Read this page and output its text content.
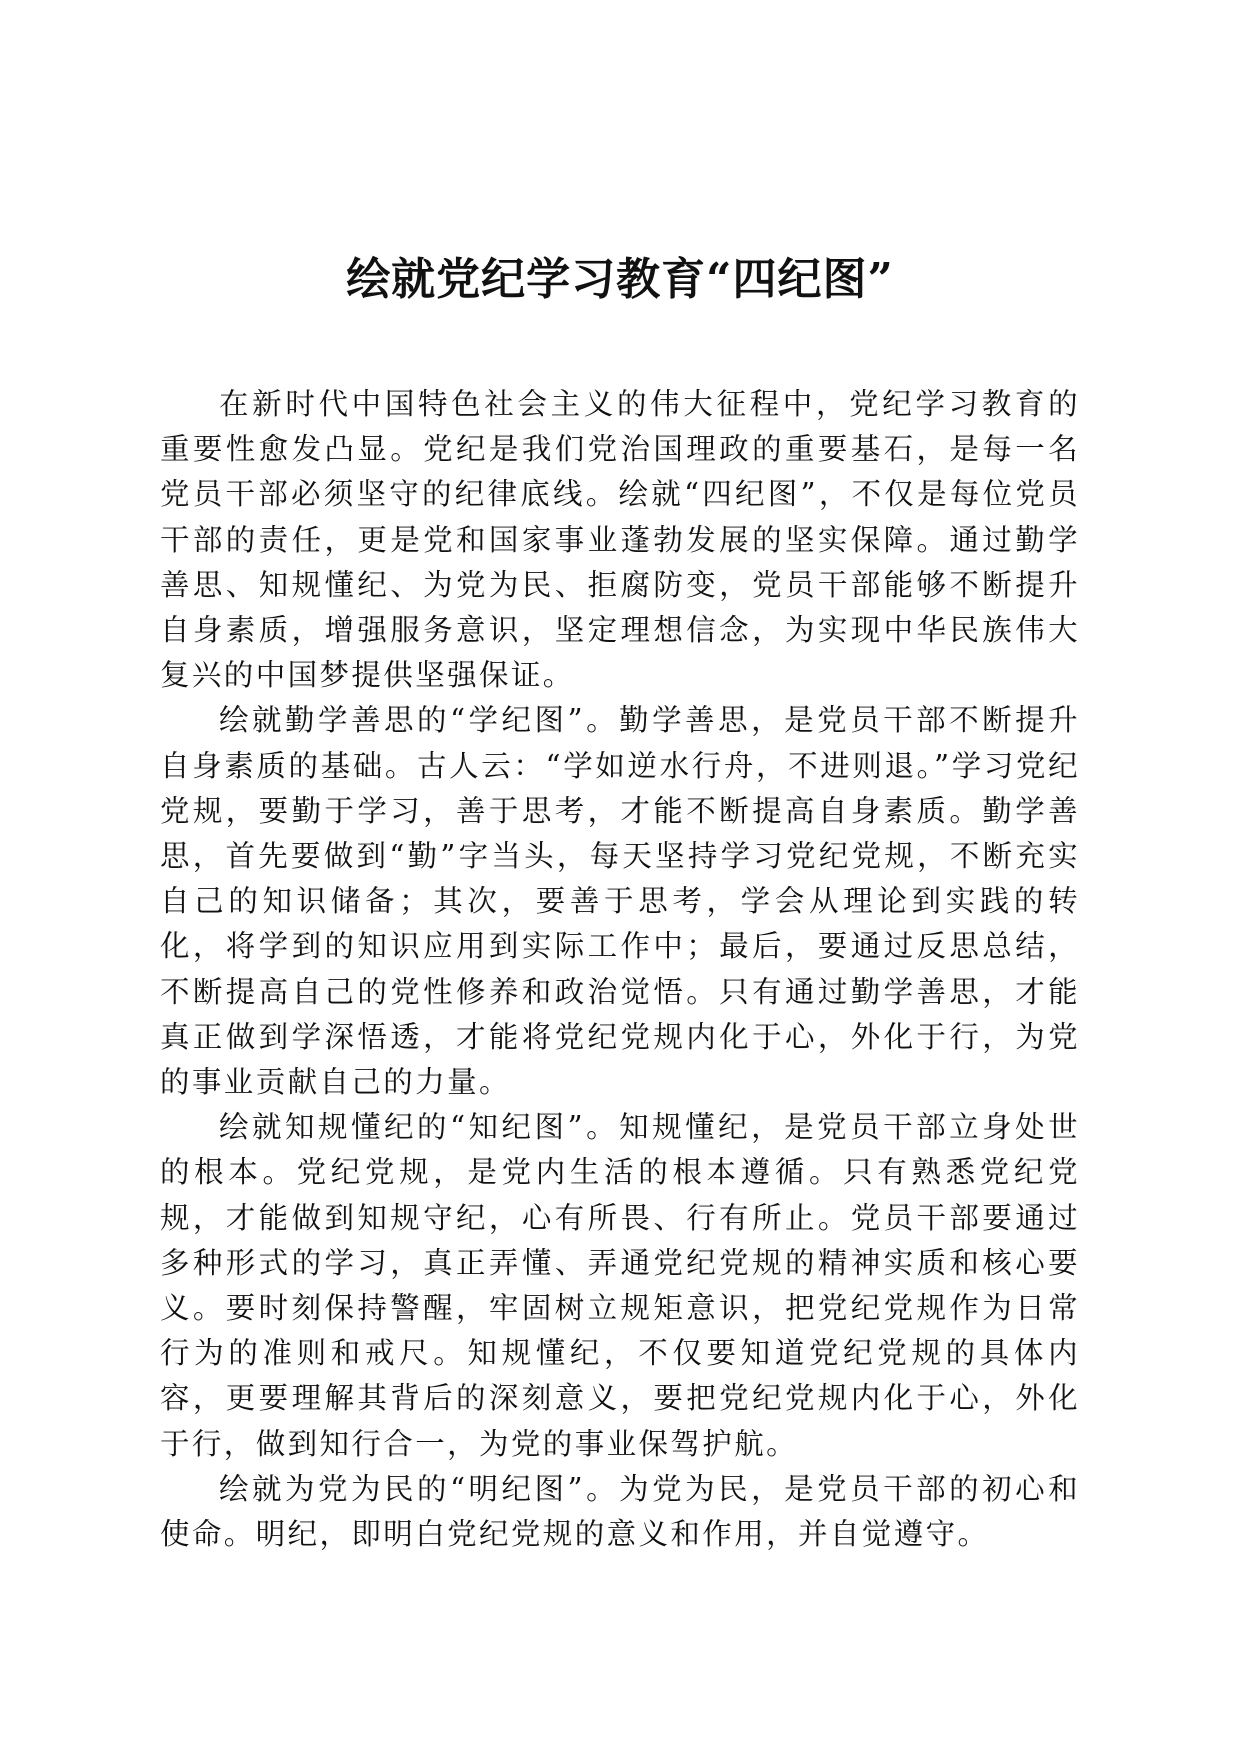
绘就党纪学习教育“四纪图”

在新时代中国特色社会主义的伟大征程中，党纪学习教育的重要性愈发凸显。党纪是我们党治国理政的重要基石，是每一名党员干部必须坚守的纪律底线。绘就“四纪图”，不仅是每位党员干部的责任，更是党和国家事业蓬勃发展的坚实保障。通过勤学善思、知规懂纪、为党为民、拒腐防变，党员干部能够不断提升自身素质，增强服务意识，坚定理想信念，为实现中华民族伟大复兴的中国梦提供坚强保证。

绘就勤学善思的“学纪图”。勤学善思，是党员干部不断提升自身素质的基础。古人云：“学如逆水行舟，不进则退。”学习党纪党规，要勤于学习，善于思考，才能不断提高自身素质。勤学善思，首先要做到“勤”字当头，每天坚持学习党纪党规，不断充实自己的知识储备；其次，要善于思考，学会从理论到实践的转化，将学到的知识应用到实际工作中；最后，要通过反思总结，不断提高自己的党性修养和政治觉悟。只有通过勤学善思，才能真正做到学深悟透，才能将党纪党规内化于心，外化于行，为党的事业贡献自己的力量。

绘就知规懂纪的“知纪图”。知规懂纪，是党员干部立身处世的根本。党纪党规，是党内生活的根本遵循。只有熟悉党纪党规，才能做到知规守纪，心有所畏、行有所止。党员干部要通过多种形式的学习，真正弄懂、弄通党纪党规的精神实质和核心要义。要时刻保持警醒，牢固树立规矩意识，把党纪党规作为日常行为的准则和戒尺。知规懂纪，不仅要知道党纪党规的具体内容，更要理解其背后的深刻意义，要把党纪党规内化于心，外化于行，做到知行合一，为党的事业保驾护航。

绘就为党为民的“明纪图”。为党为民，是党员干部的初心和使命。明纪，即明白党纪党规的意义和作用，并自觉遵守。
